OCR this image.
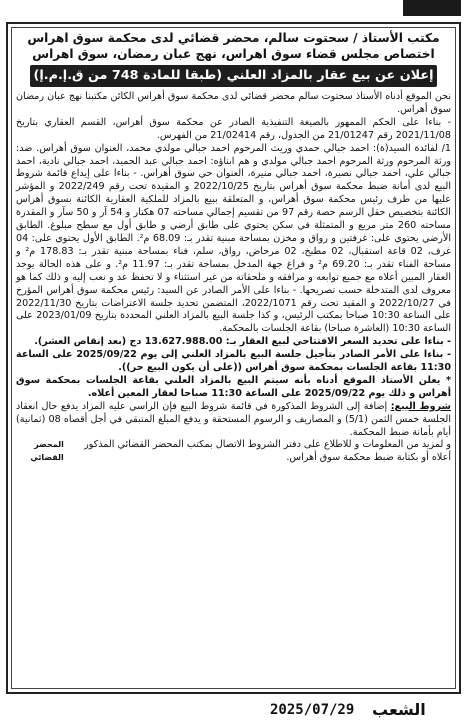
مكتب الأستاذ / سحتوت سالم، محضر قضائي لدى محكمة سوق اهراس
اختصاص مجلس قضاء سوق اهراس، نهج عبان رمضان، سوق اهراس
إعلان عن بيع عقار بالمزاد العلني (طبقا للمادة 748 من ق.إ.م.إ)

نحن الموقع أدناه الأستاذ سحتوت سالم محضر قضائي لدى محكمة سوق أهراس الكائن مكتبنا نهج عبان رمضان سوق أهراس.

- بناءا على الحكم الممهور بالصيغة التنفيذية الصادر عن محكمة سوق أهراس، القسم العقاري بتاريخ 2021/11/08 رقم 21/01247 من الجدول، رقم 21/02414 من الفهرس.

1/ لفائدة السيد(ة): احمد جبالي حمدي وريث المرحوم احمد جبالي مولدي محمد، العنوان سوق أهراس. ضد: ورثة المرحوم ورثة المرحوم احمد جبالي مولدي و هم ابناؤه: احمد جبالي عبد الحميد، احمد جبالي نادية، احمد جبالي علي، احمد جبالي نصيرة، احمد جبالي منيرة، العنوان حي سوق أهراس. - بناءا على إيداع قائمة شروط البيع لدى أمانة ضبط محكمة سوق أهراس بتاريخ 2022/10/25 و المقيدة تحت رقم 2022/249 و المؤشر عليها من طرف رئيس محكمة سوق أهراس، و المتعلقة ببيع بالمزاد للملكية العقارية الكائنة بسوق أهراس الكائنة بتخصيص حقل الرسم حصة رقم 97 من تقسيم إجمالي مساحته 07 هكتار و 54 آر و 50 سآر و المقدرة مساحته 260 متر مربع و المتمثلة في سكن يحتوي على طابق أرضي و طابق أول مع سطح مبلوغ. الطابق الأرضي يحتوي على: غرفتين و رواق و مخزن بمساحة مبنية تقدر بـ: 68.09 م². الطابق الأول يحتوي على: 04 غرف، 02 قاعة استقبال، 02 مطبخ، 02 مرحاض، رواق، سلم، فناء بمساحة مبنية تقدر بـ: 178.83 م² و مساحة الفناء تقدر بـ: 69.20 م² و فراغ جهة المدخل بمساحة تقدر بـ: 11.97 م². و على هذه الحالة يوجد العقار المبين أعلاه مع جميع توابعه و مرافقه و ملحقاته من غير استثناء و لا تحفظ عد و نعب إليه و ذلك كما هو معروف لدى المتدخلة حسب تصريحها. - بناءا على الأمر الصادر عن السيد: رئيس محكمة سوق أهراس المؤرخ في 2022/10/27 و المقيد تحت رقم 2022/1071، المتضمن تحديد جلسة الاعتراضات بتاريخ 2022/11/30 على الساعة 10:30 صباحا بمكتب الرئيس، و كذا جلسة البيع بالمزاد العلني المحددة بتاريخ 2023/01/09 على الساعة 10:30 (العاشرة صباحا) بقاعة الجلسات بالمحكمة.

- بناءا على تحديد السعر الافتتاحي لبيع العقار بـ: 13.627.988.00 دج (بعد إنقاص العشر).

- بناءا على الأمر الصادر بتأجيل جلسة البيع بالمزاد العلني إلى يوم 2025/09/22 على الساعة 11:30 بقاعة الجلسات بمحكمة سوق أهراس ((على أن يكون البيع حر)).

* يعلن الأستاذ الموقع أدناه بأنه سيتم البيع بالمزاد العلني بقاعة الجلسات بمحكمة سوق أهراس و ذلك يوم 2025/09/22 على الساعة 11:30 صباحا لعقار المعين أعلاه.

شروط البيع: إضافة إلى الشروط المذكورة في قائمة شروط البيع فإن الراسي عليه المزاد يدفع حال انعقاد الجلسة خمس الثمن (5/1) و المصاريف و الرسوم المستحقة و يدفع المبلغ المتبقي في أجل أقصاه 08 (ثمانية) أيام بأمانة ضبط المحكمة.

و لمزيد من المعلومات و للاطلاع على دفتر الشروط الاتصال بمكتب المحضر القضائي المذكور أعلاه أو بكتابة ضبط محكمة سوق أهراس.
المحضر القضائي
2025/07/29 الشعب
